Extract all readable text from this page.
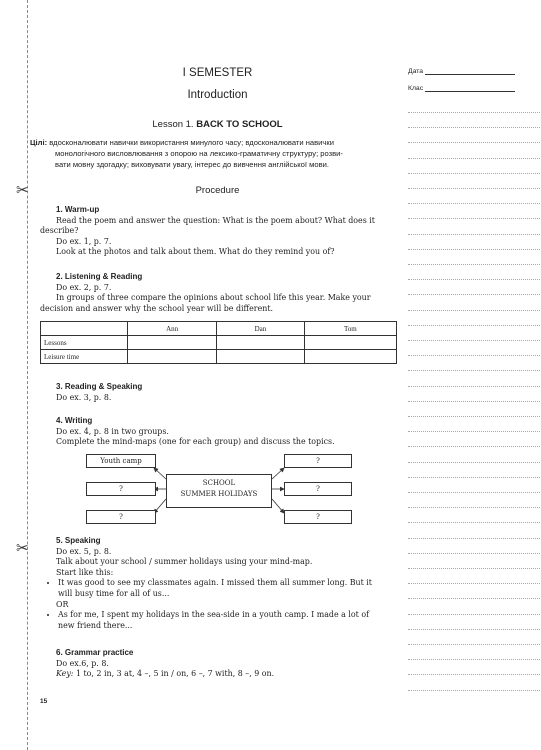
✂
✂
I SEMESTER
Introduction
Lesson 1. BACK TO SCHOOL
Цілі: вдосконалювати навички використання минулого часу; вдосконалювати навички
монологічного висловлювання з опорою на лексико-граматичну структуру; розви-
вати мовну здогадку; виховувати увагу, інтерес до вивчення англійської мови.
Procedure

1. Warm-up

Read the poem and answer the question: What is the poem about? What does it

describe?

Do ex. 1, p. 7.

Look at the photos and talk about them. What do they remind you of?

2. Listening & Reading

Do ex. 2, p. 7.

In groups of three compare the opinions about school life this year. Make your

decision and answer why the school year will be different.

	Ann	Dan	Tom
Lessons			
Leisure time			

3. Reading & Speaking

Do ex. 3, p. 8.

4. Writing

Do ex. 4, p. 8 in two groups.

Complete the mind-maps (one for each group) and discuss the topics.

SCHOOL
SUMMER HOLIDAYS
Youth camp
?
?
?
?
?

5. Speaking

Do ex. 5, p. 8.

Talk about your school / summer holidays using your mind-map.

Start like this:

• It was good to see my classmates again. I missed them all summer long. But it
will busy time for all of us...

OR

• As for me, I spent my holidays in the sea-side in a youth camp. I made a lot of
new friend there...

6. Grammar practice

Do ex.6, p. 8.

Key: 1 to, 2 in, 3 at, 4 –, 5 in / on, 6 –, 7 with, 8 –, 9 on.

15
Дата
Клас
